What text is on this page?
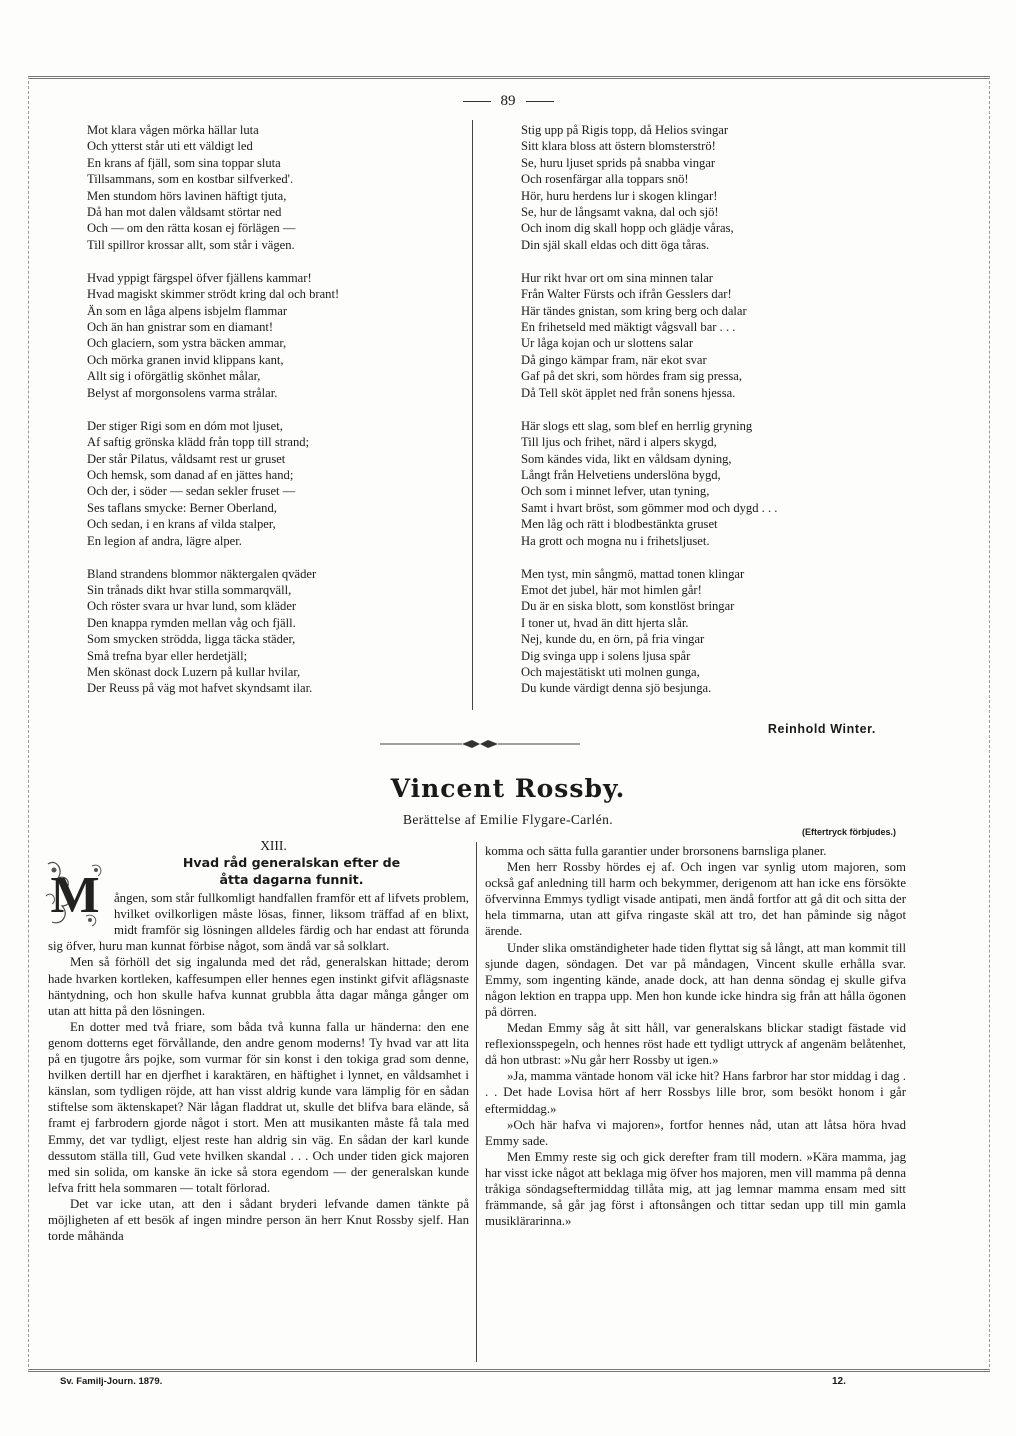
89
Mot klara vågen mörka hällar luta
Och ytterst står uti ett väldigt led
En krans af fjäll, som sina toppar sluta
Tillsammans, som en kostbar silfverked'.
Men stundom hörs lavinen häftigt tjuta,
Då han mot dalen våldsamt störtar ned
Och — om den rätta kosan ej förlägen —
Till spillror krossar allt, som står i vägen.
Hvad yppigt färgspel öfver fjällens kammar!
Hvad magiskt skimmer strödt kring dal och brant!
Än som en låga alpens isbjelm flammar
Och än han gnistrar som en diamant!
Och glaciern, som ystra bäcken ammar,
Och mörka granen invid klippans kant,
Allt sig i oförgätlig skönhet målar,
Belyst af morgonsolens varma strålar.
Der stiger Rigi som en dóm mot ljuset,
Af saftig grönska klädd från topp till strand;
Der står Pilatus, våldsamt rest ur gruset
Och hemsk, som danad af en jättes hand;
Och der, i söder — sedan sekler fruset —
Ses taflans smycke: Berner Oberland,
Och sedan, i en krans af vilda stalper,
En legion af andra, lägre alper.
Bland strandens blommor näktergalen qväder
Sin trånads dikt hvar stilla sommarqväll,
Och röster svara ur hvar lund, som kläder
Den knappa rymden mellan våg och fjäll.
Som smycken strödda, ligga täcka städer,
Små trefna byar eller herdetjäll;
Men skönast dock Luzern på kullar hvilar,
Der Reuss på väg mot hafvet skyndsamt ilar.
Stig upp på Rigis topp, då Helios svingar
Sitt klara bloss att östern blomsterströ!
Se, huru ljuset sprids på snabba vingar
Och rosenfärgar alla toppars snö!
Hör, huru herdens lur i skogen klingar!
Se, hur de långsamt vakna, dal och sjö!
Och inom dig skall hopp och glädje våras,
Din själ skall eldas och ditt öga tåras.
Hur rikt hvar ort om sina minnen talar
Från Walter Fürsts och ifrån Gesslers dar!
Här tändes gnistan, som kring berg och dalar
En frihetseld med mäktigt vågsvall bar . . .
Ur låga kojan och ur slottens salar
Då gingo kämpar fram, när ekot svar
Gaf på det skri, som hördes fram sig pressa,
Då Tell sköt äpplet ned från sonens hjessa.
Här slogs ett slag, som blef en herrlig gryning
Till ljus och frihet, närd i alpers skygd,
Som kändes vida, likt en våldsam dyning,
Långt från Helvetiens underslöna bygd,
Och som i minnet lefver, utan tyning,
Samt i hvart bröst, som gömmer mod och dygd . . .
Men låg och rätt i blodbestänkta gruset
Ha grott och mogna nu i frihetsljuset.
Men tyst, min sångmö, mattad tonen klingar
Emot det jubel, här mot himlen går!
Du är en siska blott, som konstlöst bringar
I toner ut, hvad än ditt hjerta slår.
Nej, kunde du, en örn, på fria vingar
Dig svinga upp i solens ljusa spår
Och majestätiskt uti molnen gunga,
Du kunde värdigt denna sjö besjunga.
Reinhold Winter.
Vincent Rossby.
Berättelse af Emilie Flygare-Carlén.
(Eftertryck förbjudes.)
XIII.
M
Hvad råd generalskan efter de
åtta dagarna funnit.

ången, som står fullkomligt handfallen framför ett af lifvets problem, hvilket ovilkorligen måste lösas, finner, liksom träffad af en blixt, midt framför sig lösningen alldeles färdig och har endast att förunda sig öfver, huru man kunnat förbise något, som ändå var så solklart.

Men så förhöll det sig ingalunda med det råd, generalskan hittade; derom hade hvarken kortleken, kaffesumpen eller hennes egen instinkt gifvit aflägsnaste häntydning, och hon skulle hafva kunnat grubbla åtta dagar många gånger om utan att hitta på den lösningen.

En dotter med två friare, som båda två kunna falla ur händerna: den ene genom dotterns eget förvållande, den andre genom moderns! Ty hvad var att lita på en tjugotre års pojke, som vurmar för sin konst i den tokiga grad som denne, hvilken dertill har en djerfhet i karaktären, en häftighet i lynnet, en våldsamhet i känslan, som tydligen röjde, att han visst aldrig kunde vara lämplig för en sådan stiftelse som äktenskapet? När lågan fladdrat ut, skulle det blifva bara elände, så framt ej farbrodern gjorde något i stort. Men att musikanten måste få tala med Emmy, det var tydligt, eljest reste han aldrig sin väg. En sådan der karl kunde dessutom ställa till, Gud vete hvilken skandal . . . Och under tiden gick majoren med sin solida, om kanske än icke så stora egendom — der generalskan kunde lefva fritt hela sommaren — totalt förlorad.

Det var icke utan, att den i sådant bryderi lefvande damen tänkte på möjligheten af ett besök af ingen mindre person än herr Knut Rossby sjelf. Han torde måhända

komma och sätta fulla garantier under brorsonens barnsliga planer.

Men herr Rossby hördes ej af. Och ingen var synlig utom majoren, som också gaf anledning till harm och bekymmer, derigenom att han icke ens försökte öfvervinna Emmys tydligt visade antipati, men ändå fortfor att gå dit och sitta der hela timmarna, utan att gifva ringaste skäl att tro, det han påminde sig något ärende.

Under slika omständigheter hade tiden flyttat sig så långt, att man kommit till sjunde dagen, söndagen. Det var på måndagen, Vincent skulle erhålla svar. Emmy, som ingenting kände, anade dock, att han denna söndag ej skulle gifva någon lektion en trappa upp. Men hon kunde icke hindra sig från att hålla ögonen på dörren.

Medan Emmy såg åt sitt håll, var generalskans blickar stadigt fästade vid reflexionsspegeln, och hennes röst hade ett tydligt uttryck af angenäm belåtenhet, då hon utbrast: »Nu går herr Rossby ut igen.»

»Ja, mamma väntade honom väl icke hit? Hans farbror har stor middag i dag . . . Det hade Lovisa hört af herr Rossbys lille bror, som besökt honom i går eftermiddag.»

»Och här hafva vi majoren», fortfor hennes nåd, utan att låtsa höra hvad Emmy sade.

Men Emmy reste sig och gick derefter fram till modern. »Kära mamma, jag har visst icke något att beklaga mig öfver hos majoren, men vill mamma på denna tråkiga söndagseftermiddag tillåta mig, att jag lemnar mamma ensam med sitt främmande, så går jag först i aftonsången och tittar sedan upp till min gamla musiklärarinna.»

Sv. Familj-Journ. 1879.	12.
